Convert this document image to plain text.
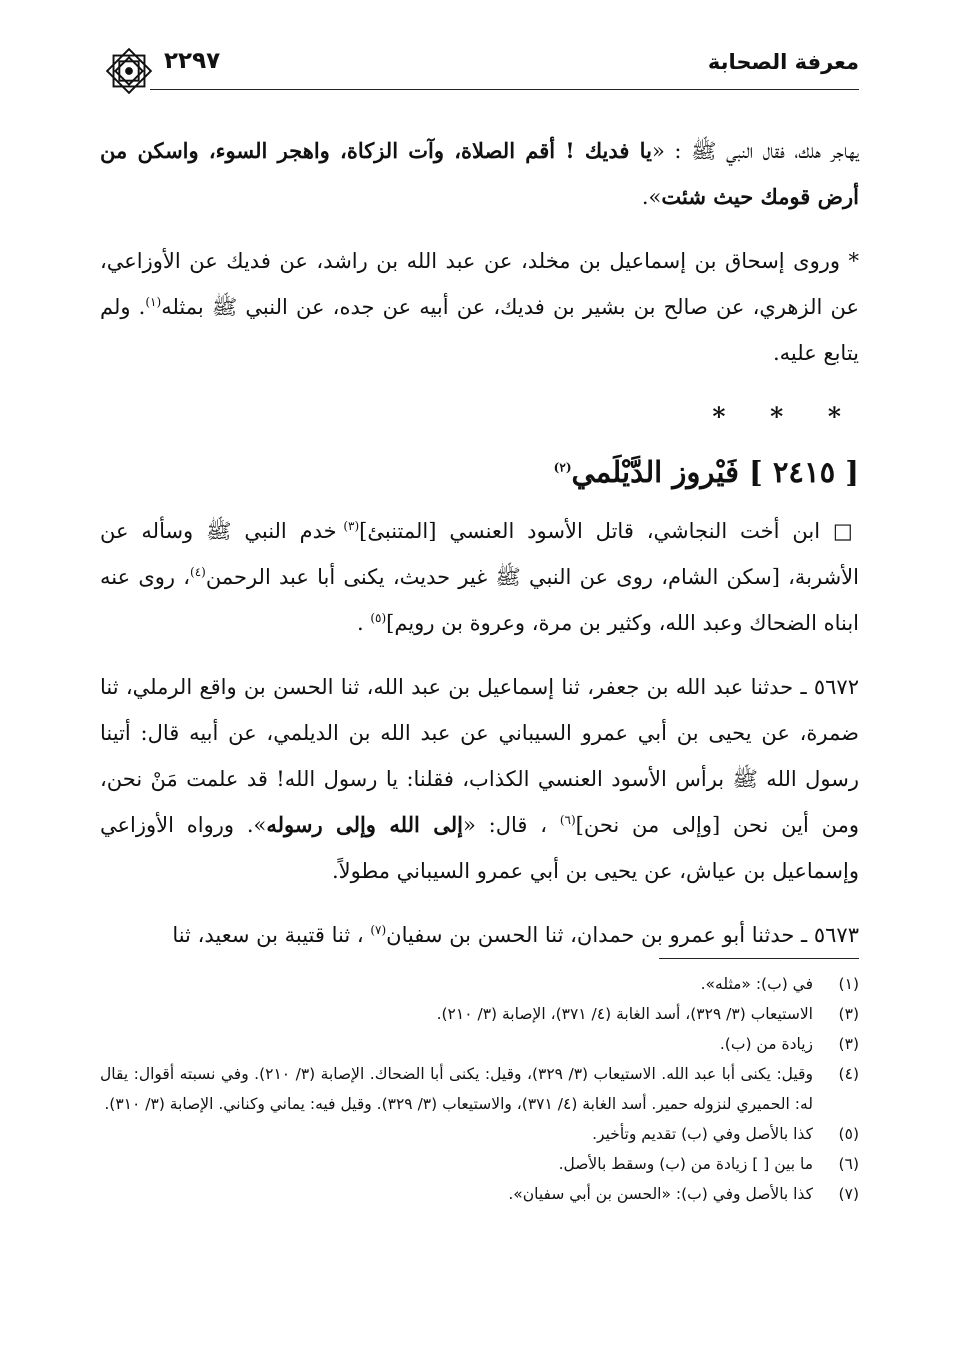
معرفة الصحابة
٢٢٩٧

يهاجر هلك، فقال النبي ﷺ : «يا فديك ! أقم الصلاة، وآت الزكاة، واهجر السوء، واسكن من أرض قومك حيث شئت».

* وروى إسحاق بن إسماعيل بن مخلد، عن عبد الله بن راشد، عن فديك عن الأوزاعي، عن الزهري، عن صالح بن بشير بن فديك، عن أبيه عن جده، عن النبي ﷺ بمثله$^{(١)}$. ولم يتابع عليه.

* * *
[ ٢٤١٥ ] فَيْروز الدَّيْلَمي$^{(٢)}$

□ ابن أخت النجاشي، قاتل الأسود العنسي [المتنبئ]$^{(٣)}$ خدم النبي ﷺ وسأله عن الأشربة، [سكن الشام، روى عن النبي ﷺ غير حديث، يكنى أبا عبد الرحمن$^{(٤)}$، روى عنه ابناه الضحاك وعبد الله، وكثير بن مرة، وعروة بن رويم]$^{(٥)}$ .

٥٦٧٢ ـ حدثنا عبد الله بن جعفر، ثنا إسماعيل بن عبد الله، ثنا الحسن بن واقع الرملي، ثنا ضمرة، عن يحيى بن أبي عمرو السيباني عن عبد الله بن الديلمي، عن أبيه قال: أتينا رسول الله ﷺ برأس الأسود العنسي الكذاب، فقلنا: يا رسول الله! قد علمت مَنْ نحن، ومن أين نحن [وإلى من نحن]$^{(٦)}$ ، قال: «إلى الله وإلى رسوله». ورواه الأوزاعي وإسماعيل بن عياش، عن يحيى بن أبي عمرو السيباني مطولاً.

٥٦٧٣ ـ حدثنا أبو عمرو بن حمدان، ثنا الحسن بن سفيان$^{(٧)}$ ، ثنا قتيبة بن سعيد، ثنا

(١)
في (ب): «مثله».
(٣)
الاستيعاب (٣/ ٣٢٩)، أسد الغابة (٤/ ٣٧١)، الإصابة (٣/ ٢١٠).
(٣)
زيادة من (ب).
(٤)
وقيل: يكنى أبا عبد الله. الاستيعاب (٣/ ٣٢٩)، وقيل: يكنى أبا الضحاك. الإصابة (٣/ ٢١٠). وفي نسبته أقوال: يقال له: الحميري لنزوله حمير. أسد الغابة (٤/ ٣٧١)، والاستيعاب (٣/ ٣٢٩). وقيل فيه: يماني وكناني. الإصابة (٣/ ٣١٠).
(٥)
كذا بالأصل وفي (ب) تقديم وتأخير.
(٦)
ما بين [ ] زيادة من (ب) وسقط بالأصل.
(٧)
كذا بالأصل وفي (ب): «الحسن بن أبي سفيان».
